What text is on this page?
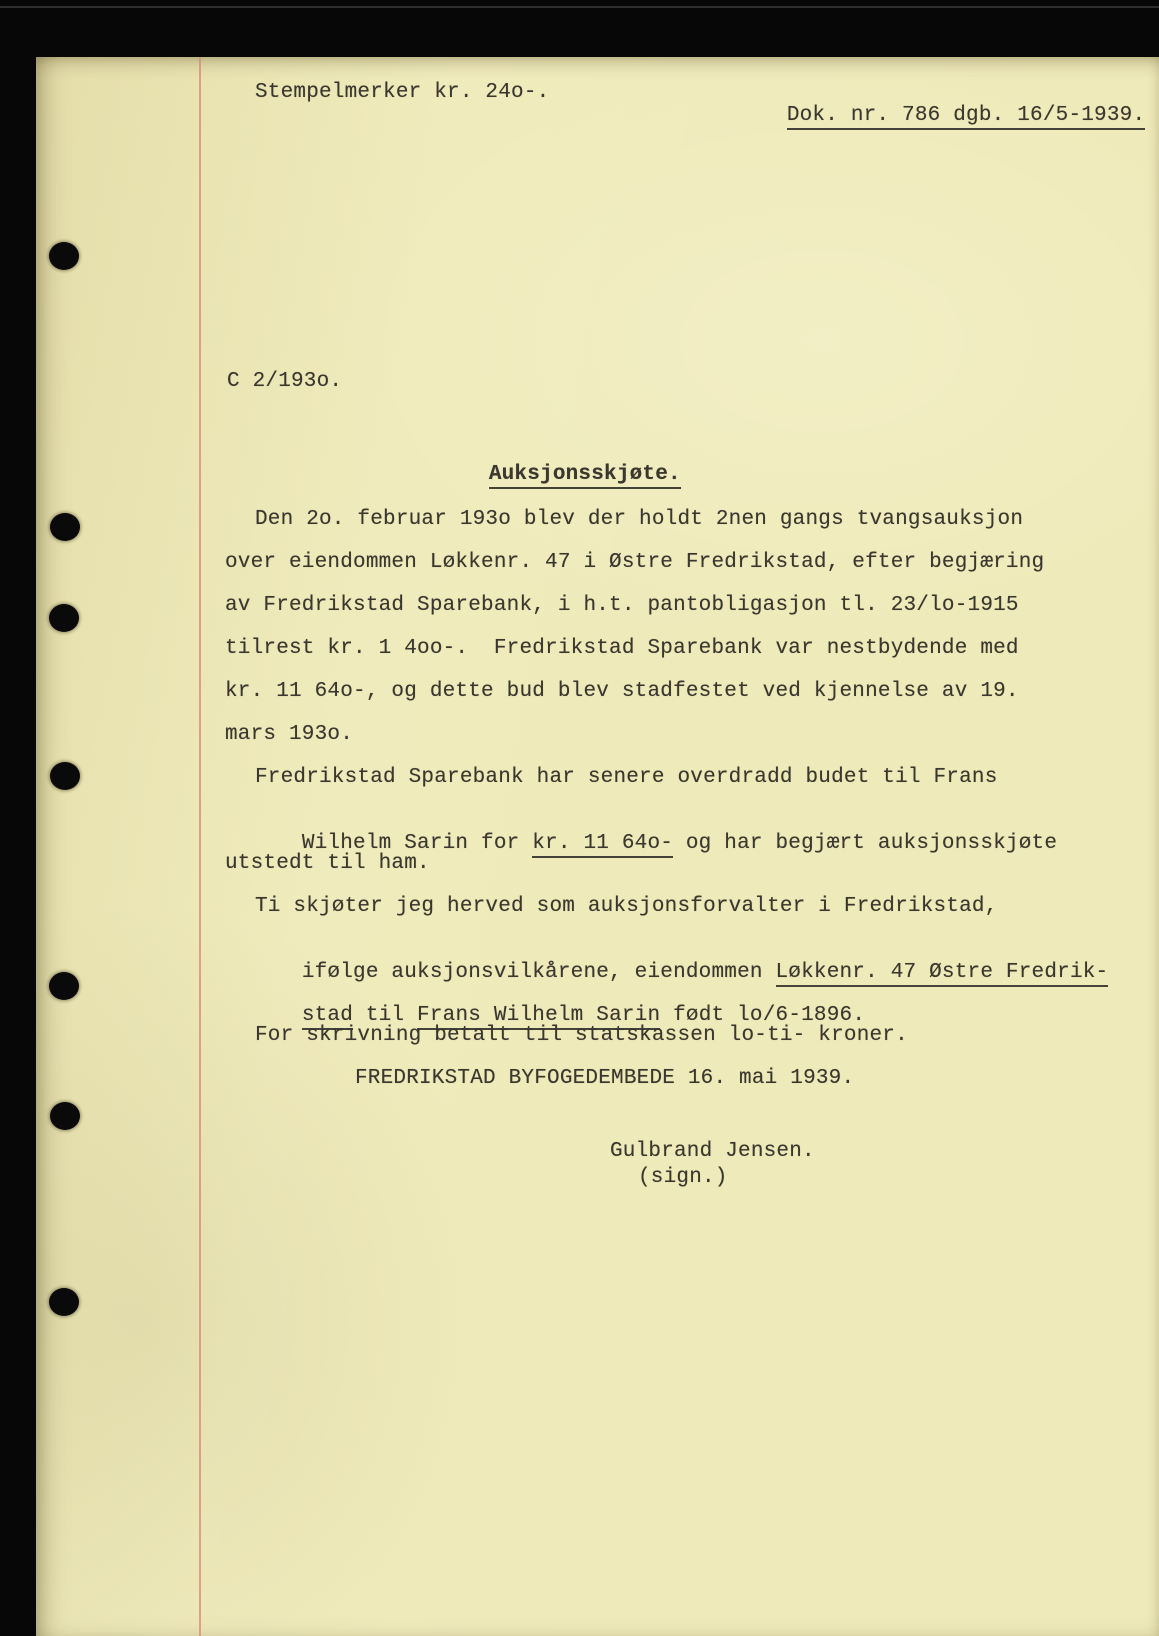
Stempelmerker kr. 24o-.

Dok. nr. 786 dgb. 16/5-1939.

C 2/193o.

Auksjonsskjøte.

Den 2o. februar 193o blev der holdt 2nen gangs tvangsauksjon
over eiendommen Løkkenr. 47 i Østre Fredrikstad, efter begjæring
av Fredrikstad Sparebank, i h.t. pantobligasjon tl. 23/lo-1915
tilrest kr. 1 4oo-.  Fredrikstad Sparebank var nestbydende med
kr. 11 64o-, og dette bud blev stadfestet ved kjennelse av 19.
mars 193o.
Fredrikstad Sparebank har senere overdradd budet til Frans

Wilhelm Sarin for kr. 11 64o- og har begjært auksjonsskjøte

utstedt til ham.
Ti skjøter jeg herved som auksjonsforvalter i Fredrikstad,

ifølge auksjonsvilkårene, eiendommen Løkkenr. 47 Østre Fredrik-

stad til Frans Wilhelm Sarin født lo/6-1896.

For skrivning betalt til statskassen lo-ti- kroner.
FREDRIKSTAD BYFOGEDEMBEDE 16. mai 1939.
Gulbrand Jensen.
(sign.)
